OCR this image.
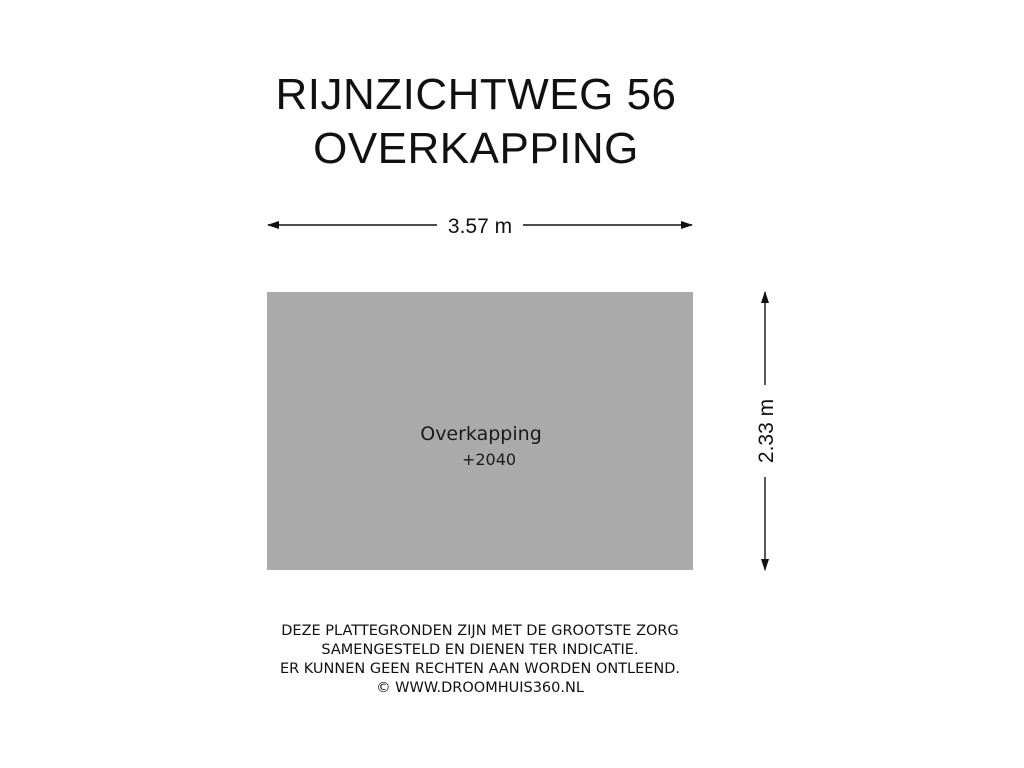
RIJNZICHTWEG 56
OVERKAPPING
3.57 m
Overkapping
+2040	2.33 m
DEZE PLATTEGRONDEN ZIJN MET DE GROOTSTE ZORG
SAMENGESTELD EN DIENEN TER INDICATIE.
ER KUNNEN GEEN RECHTEN AAN WORDEN ONTLEEND.
© WWW.DROOMHUIS360.NL
